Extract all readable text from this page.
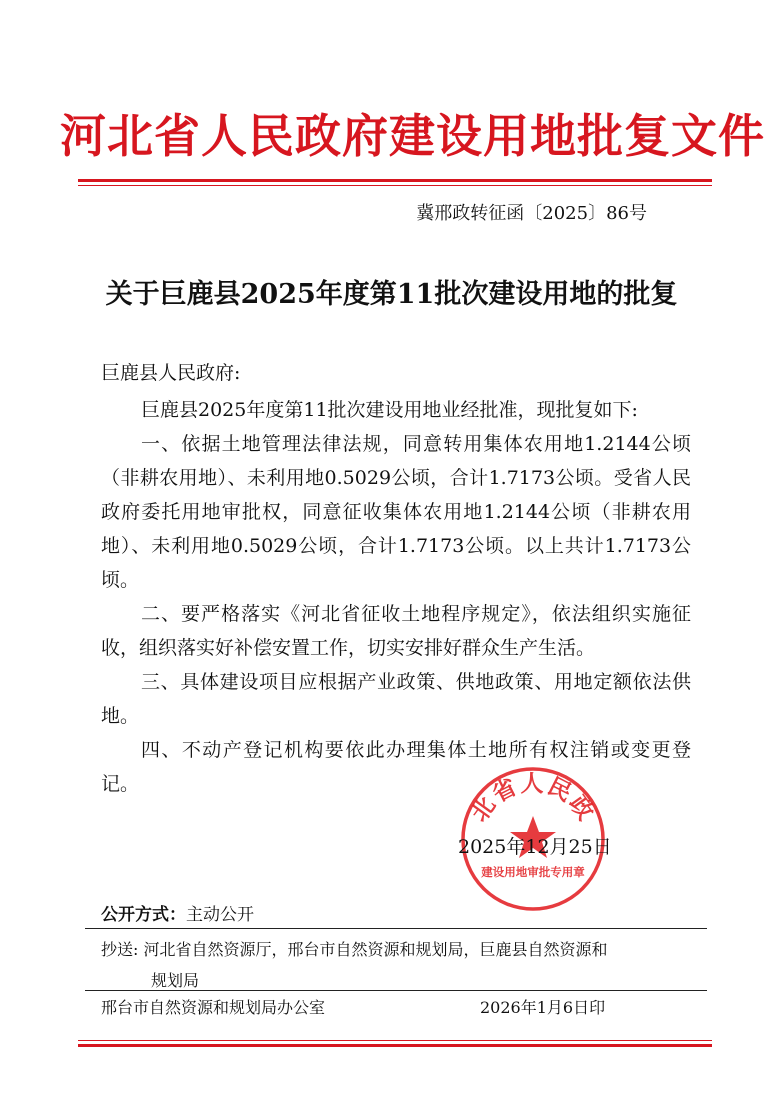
河北省人民政府建设用地批复文件
冀邢政转征函〔2025〕86号
关于巨鹿县2025年度第11批次建设用地的批复
巨鹿县人民政府:
巨鹿县2025年度第11批次建设用地业经批准，现批复如下:
一、依据土地管理法律法规，同意转用集体农用地1.2144公顷（非耕农用地）、未利用地0.5029公顷，合计1.7173公顷。受省人民政府委托用地审批权，同意征收集体农用地1.2144公顷（非耕农用地）、未利用地0.5029公顷，合计1.7173公顷。以上共计1.7173公顷。
二、要严格落实《河北省征收土地程序规定》，依法组织实施征收，组织落实好补偿安置工作，切实安排好群众生产生活。
三、具体建设项目应根据产业政策、供地政策、用地定额依法供地。
四、不动产登记机构要依此办理集体土地所有权注销或变更登记。
北省人民政
建设用地审批专用章
2025年12月25日
公开方式：主动公开
抄送: 河北省自然资源厅，邢台市自然资源和规划局，巨鹿县自然资源和
规划局
邢台市自然资源和规划局办公室	2026年1月6日印
